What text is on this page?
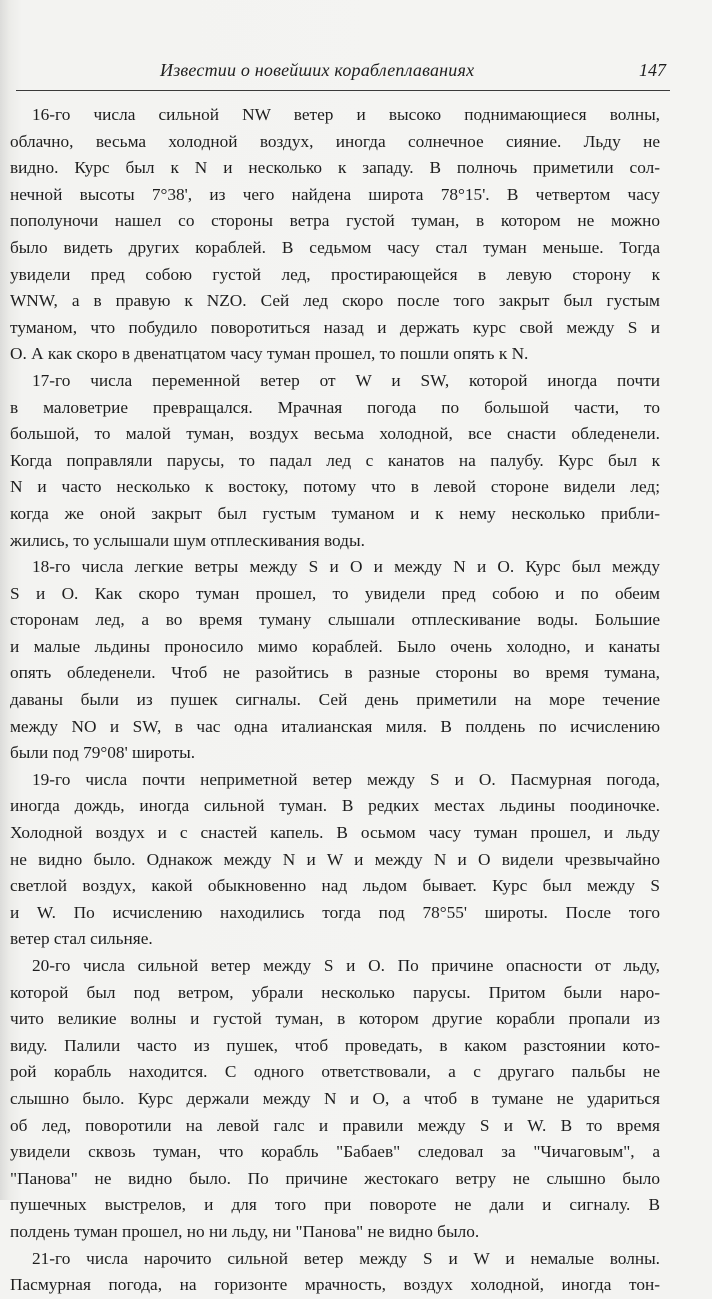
Известии о новейших кораблеплаваниях	147
16-го числа сильной NW ветер и высоко поднимающиеся волны,
облачно, весьма холодной воздух, иногда солнечное сияние. Льду не
видно. Курс был к N и несколько к западу. В полночь приметили сол-
нечной высоты 7°38', из чего найдена широта 78°15'. В четвертом часу
пополуночи нашел со стороны ветра густой туман, в котором не можно
было видеть других кораблей. В седьмом часу стал туман меньше. Тогда
увидели пред собою густой лед, простирающейся в левую сторону к
WNW, а в правую к NZO. Сей лед скоро после того закрыт был густым
туманом, что побудило поворотиться назад и держать курс свой между S и
O. А как скоро в двенатцатом часу туман прошел, то пошли опять к N.
17-го числа переменной ветер от W и SW, которой иногда почти
в маловетрие превращался. Мрачная погода по большой части, то
большой, то малой туман, воздух весьма холодной, все снасти обледенели.
Когда поправляли парусы, то падал лед с канатов на палубу. Курс был к
N и часто несколько к востоку, потому что в левой стороне видели лед;
когда же оной закрыт был густым туманом и к нему несколько прибли-
жились, то услышали шум отплескивания воды.
18-го числа легкие ветры между S и O и между N и O. Курс был между
S и O. Как скоро туман прошел, то увидели пред собою и по обеим
сторонам лед, а во время туману слышали отплескивание воды. Большие
и малые льдины проносило мимо кораблей. Было очень холодно, и канаты
опять обледенели. Чтоб не разойтись в разные стороны во время тумана,
даваны были из пушек сигналы. Сей день приметили на море течение
между NO и SW, в час одна италианская миля. В полдень по исчислению
были под 79°08' широты.
19-го числа почти неприметной ветер между S и O. Пасмурная погода,
иногда дождь, иногда сильной туман. В редких местах льдины поодиночке.
Холодной воздух и с снастей капель. В осьмом часу туман прошел, и льду
не видно было. Однакож между N и W и между N и O видели чрезвычайно
светлой воздух, какой обыкновенно над льдом бывает. Курс был между S
и W. По исчислению находились тогда под 78°55' широты. После того
ветер стал сильняе.
20-го числа сильной ветер между S и O. По причине опасности от льду,
которой был под ветром, убрали несколько парусы. Притом были наро-
чито великие волны и густой туман, в котором другие корабли пропали из
виду. Палили часто из пушек, чтоб проведать, в каком разстоянии кото-
рой корабль находится. С одного ответствовали, а с другаго пальбы не
слышно было. Курс держали между N и O, а чтоб в тумане не удариться
об лед, поворотили на левой галс и правили между S и W. В то время
увидели сквозь туман, что корабль "Бабаев" следовал за "Чичаговым", а
"Панова" не видно было. По причине жестокаго ветру не слышно было
пушечных выстрелов, и для того при повороте не дали и сигналу. В
полдень туман прошел, но ни льду, ни "Панова" не видно было.
21-го числа нарочито сильной ветер между S и W и немалые волны.
Пасмурная погода, на горизонте мрачность, воздух холодной, иногда тон-
